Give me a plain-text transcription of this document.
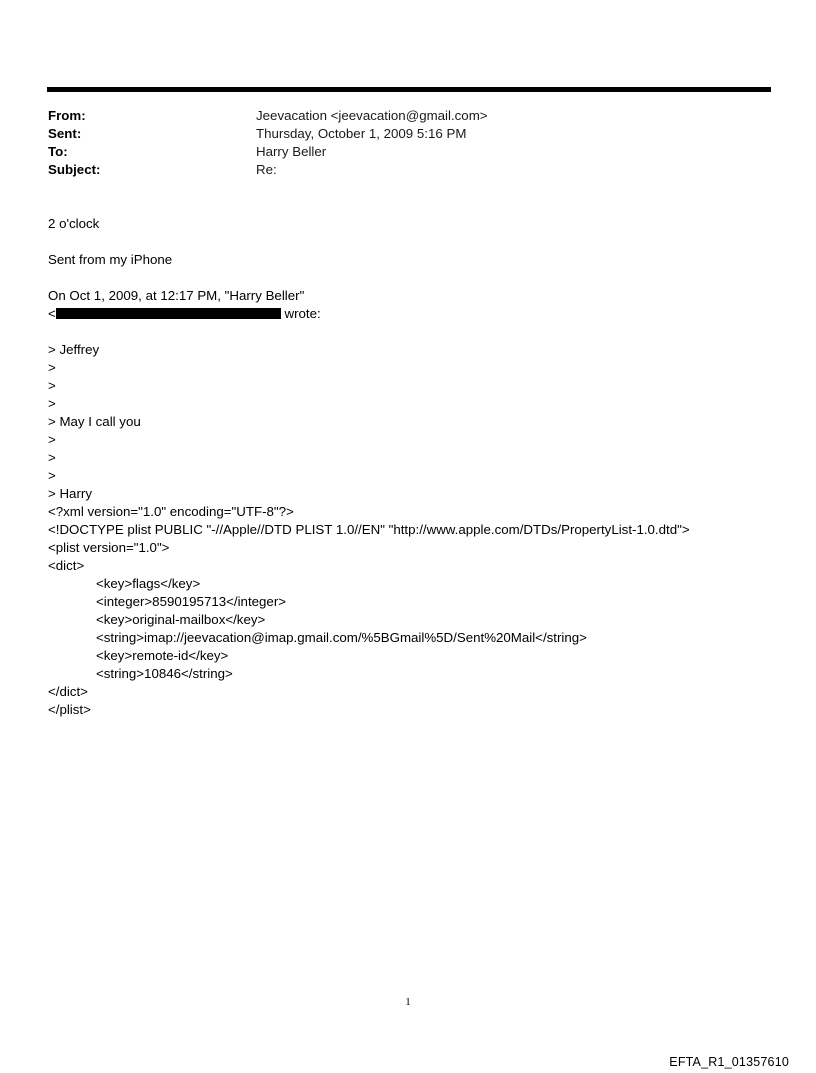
From:	Jeevacation <jeevacation@gmail.com>
Sent:	Thursday, October 1, 2009 5:16 PM
To:	Harry Beller
Subject:	Re:
2 o'clock
Sent from my iPhone
On Oct 1, 2009, at 12:17 PM, "Harry Beller"
<	wrote:
> Jeffrey
>
>
>
> May I call you
>
>
>
> Harry
<?xml version="1.0" encoding="UTF-8"?>
<!DOCTYPE plist PUBLIC "-//Apple//DTD PLIST 1.0//EN" "http://www.apple.com/DTDs/PropertyList-1.0.dtd">
<plist version="1.0">
<dict>
<key>flags</key>
<integer>8590195713</integer>
<key>original-mailbox</key>
<string>imap://jeevacation@imap.gmail.com/%5BGmail%5D/Sent%20Mail</string>
<key>remote-id</key>
<string>10846</string>
</dict>
</plist>
1
EFTA_R1_01357610
